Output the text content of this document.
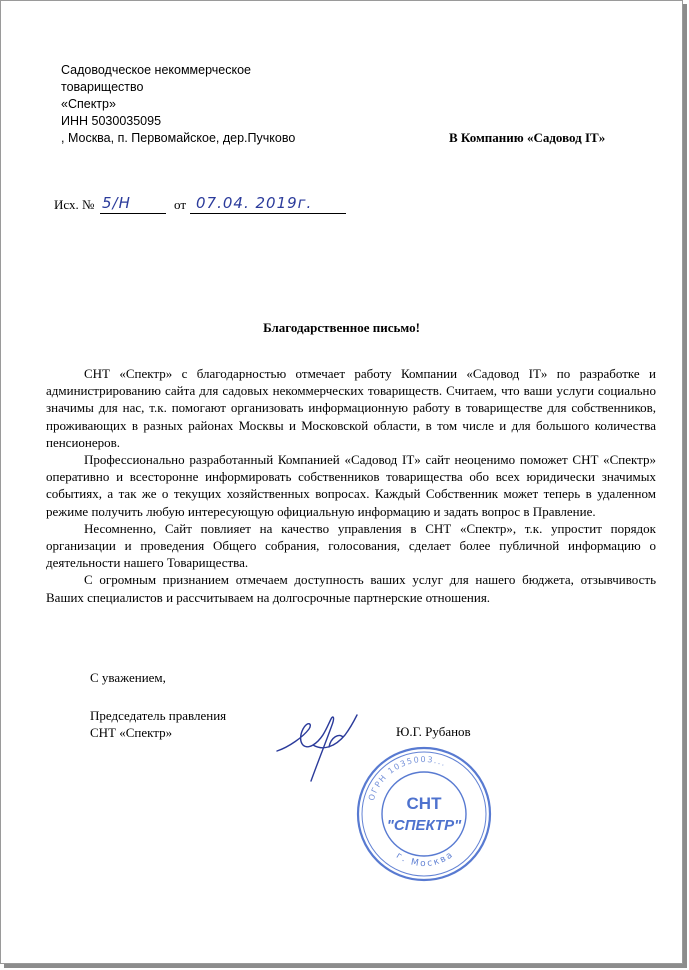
Садоводческое некоммерческое
товарищество
«Спектр»
ИНН 5030035095
, Москва, п. Первомайское, дер.Пучково	В Компанию «Садовод IT»
Исх. № 5/Н	от 07.04. 2019г.
Благодарственное письмо!

СНТ «Спектр» с благодарностью отмечает работу Компании «Садовод IT» по разработке и администрированию сайта для садовых некоммерческих товариществ. Считаем, что ваши услуги социально значимы для нас, т.к. помогают организовать информационную работу в товариществе для собственников, проживающих в разных районах Москвы и Московской области, в том числе и для большого количества пенсионеров.

Профессионально разработанный Компанией «Садовод IT» сайт неоценимо поможет СНТ «Спектр» оперативно и всесторонне информировать собственников товарищества обо всех юридически значимых событиях, а так же о текущих хозяйственных вопросах. Каждый Собственник может теперь в удаленном режиме получить любую интересующую официальную информацию и задать вопрос в Правление.

Несомненно, Сайт повлияет на качество управления в СНТ «Спектр», т.к. упростит порядок организации и проведения Общего собрания, голосования, сделает более публичной информацию о деятельности нашего Товарищества.

С огромным признанием отмечаем доступность ваших услуг для нашего бюджета, отзывчивость Ваших специалистов и рассчитываем на долгосрочные партнерские отношения.

С уважением,
Председатель правления
СНТ «Спектр»	Ю.Г. Рубанов
ОГРН 1035003...
г. Москва
СНТ
"СПЕКТР"
